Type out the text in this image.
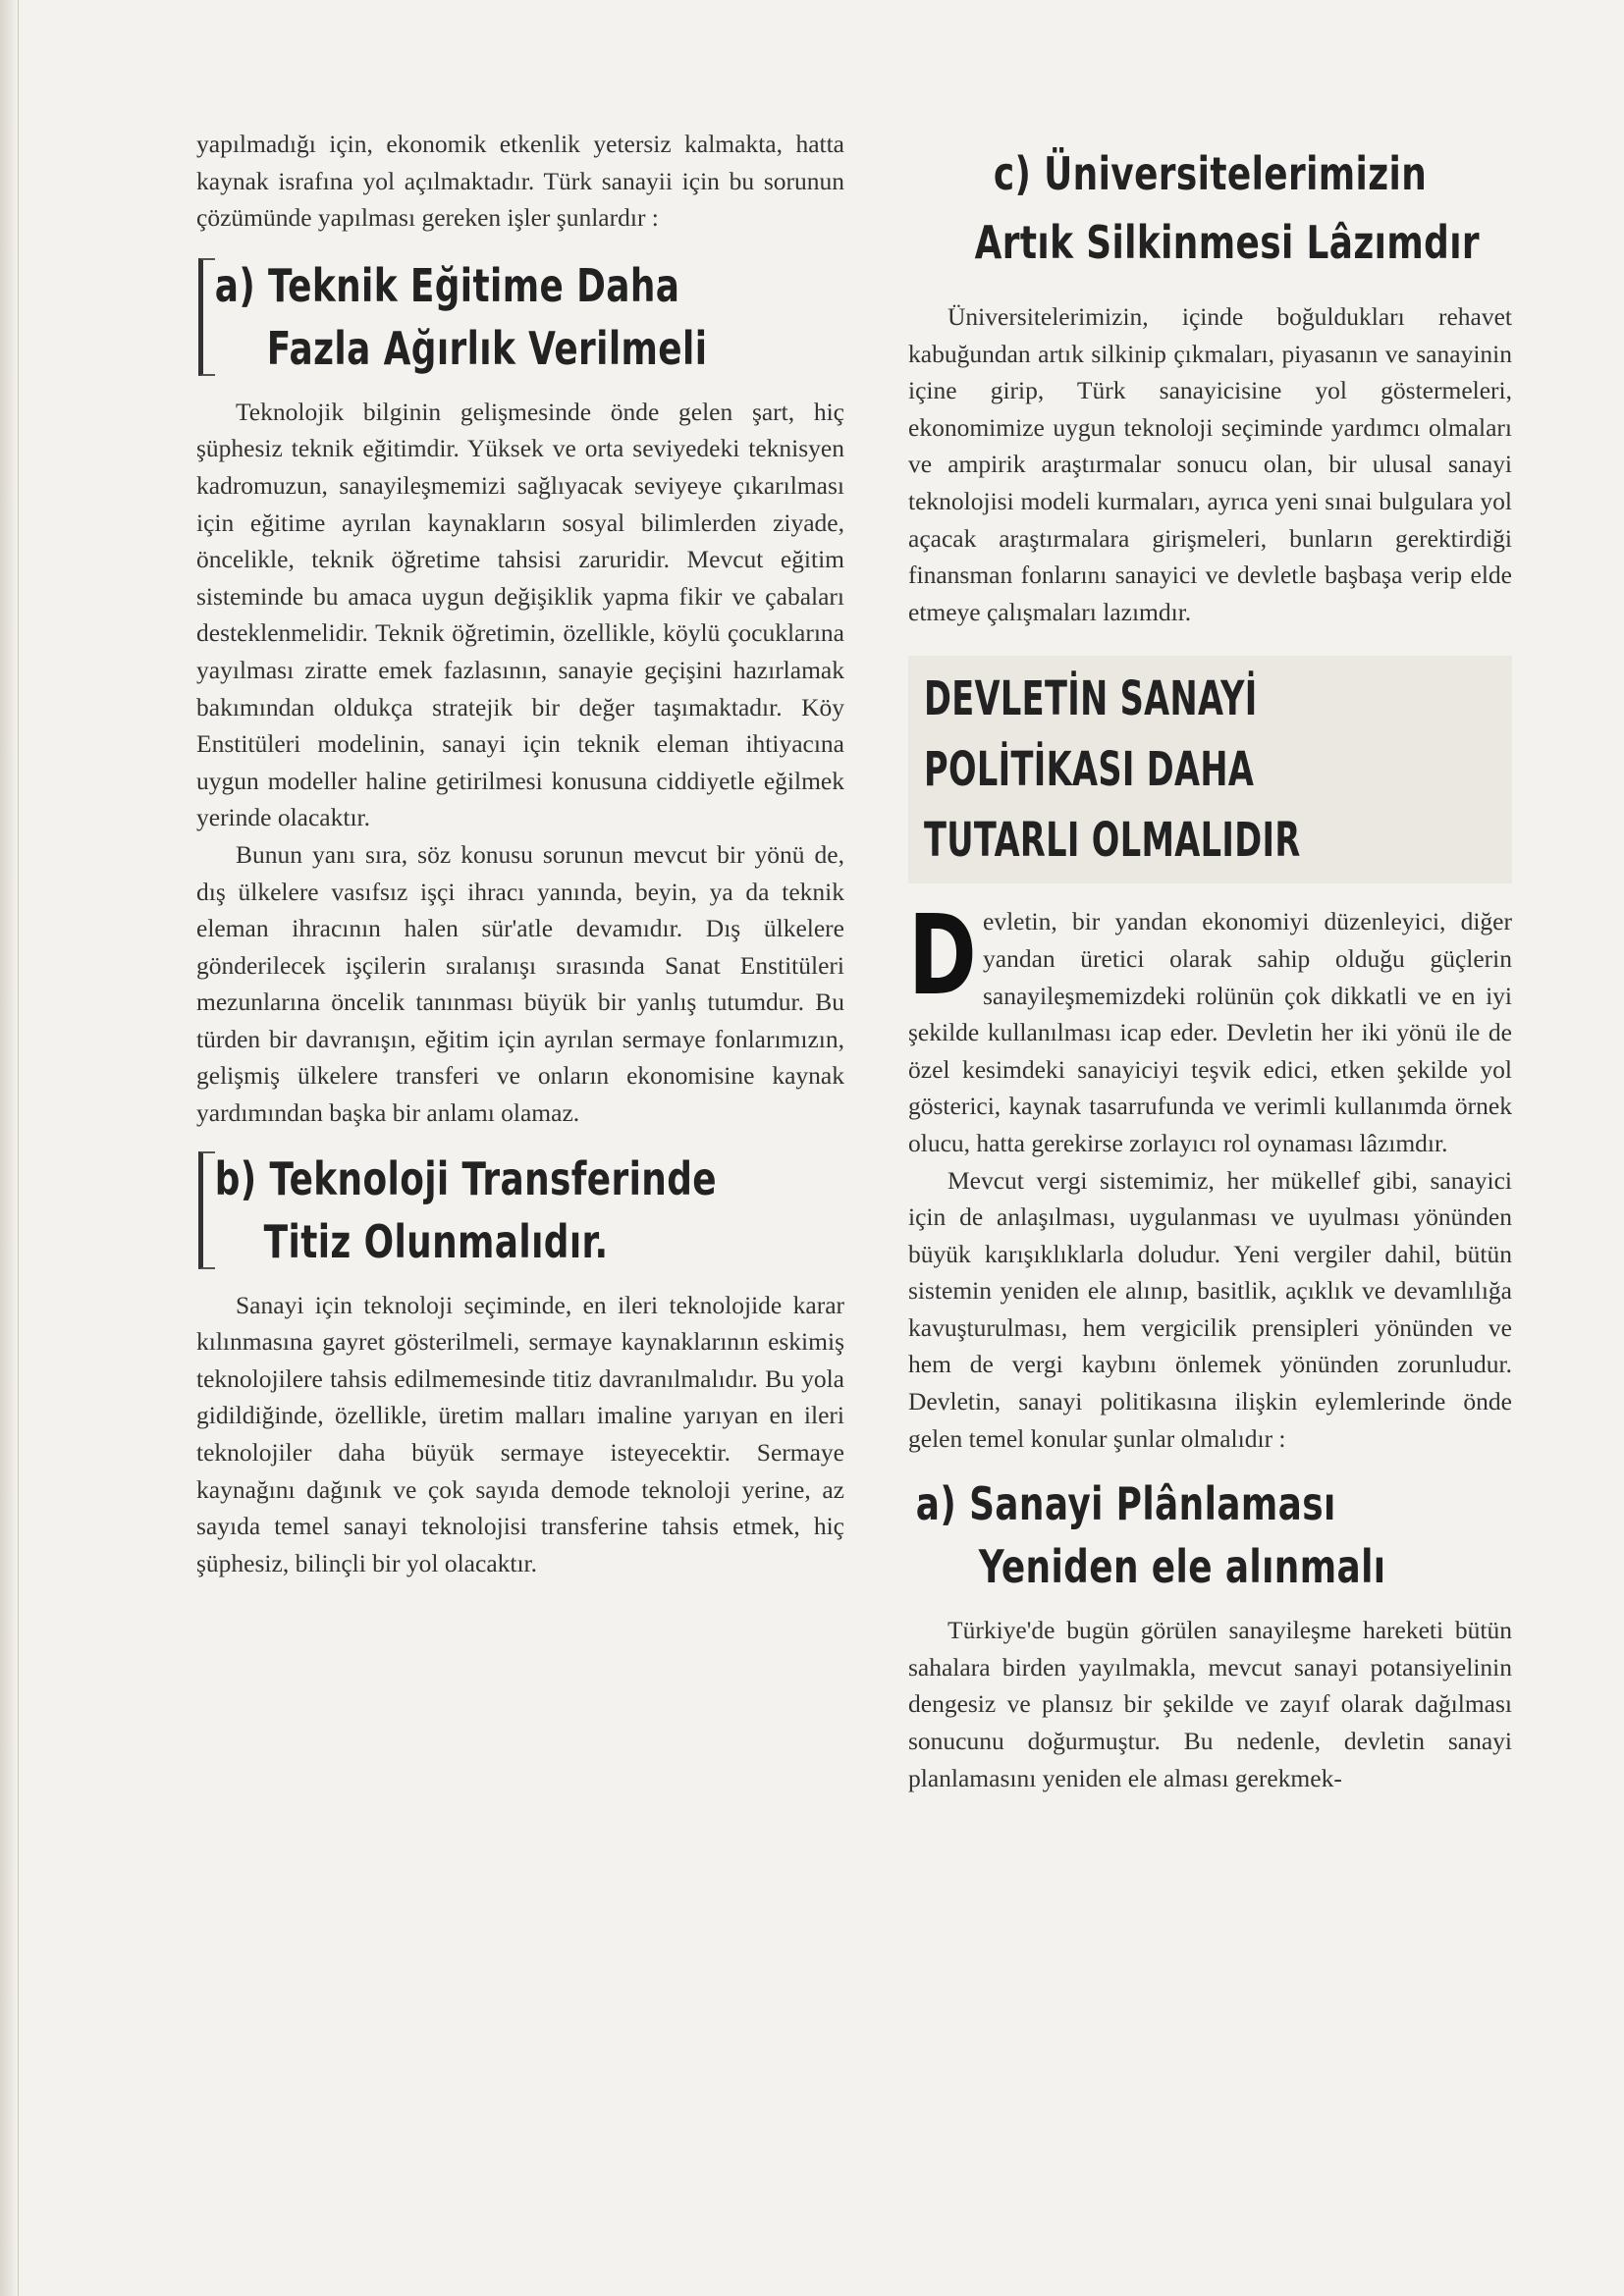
yapılmadığı için, ekonomik etkenlik yetersiz kalmakta, hatta kaynak israfına yol açılmaktadır. Türk sanayii için bu sorunun çözümünde yapılması gereken işler şunlardır :

a) Teknik Eğitime Daha
Fazla Ağırlık Verilmeli

Teknolojik bilginin gelişmesinde önde gelen şart, hiç şüphesiz teknik eğitimdir. Yüksek ve orta seviyedeki teknisyen kadromuzun, sanayileşmemizi sağlıyacak seviyeye çıkarılması için eğitime ayrılan kaynakların sosyal bilimlerden ziyade, öncelikle, teknik öğretime tahsisi zaruridir. Mevcut eğitim sisteminde bu amaca uygun değişiklik yapma fikir ve çabaları desteklenmelidir. Teknik öğretimin, özellikle, köylü çocuklarına yayılması ziratte emek fazlasının, sanayie geçişini hazırlamak bakımından oldukça stratejik bir değer taşımaktadır. Köy Enstitüleri modelinin, sanayi için teknik eleman ihtiyacına uygun modeller haline getirilmesi konusuna ciddiyetle eğilmek yerinde olacaktır.

Bunun yanı sıra, söz konusu sorunun mevcut bir yönü de, dış ülkelere vasıfsız işçi ihracı yanında, beyin, ya da teknik eleman ihracının halen sür'atle devamıdır. Dış ülkelere gönderilecek işçilerin sıralanışı sırasında Sanat Enstitüleri mezunlarına öncelik tanınması büyük bir yanlış tutumdur. Bu türden bir davranışın, eğitim için ayrılan sermaye fonlarımızın, gelişmiş ülkelere transferi ve onların ekonomisine kaynak yardımından başka bir anlamı olamaz.

b) Teknoloji Transferinde
Titiz Olunmalıdır.

Sanayi için teknoloji seçiminde, en ileri teknolojide karar kılınmasına gayret gösterilmeli, sermaye kaynaklarının eskimiş teknolojilere tahsis edilmemesinde titiz davranılmalıdır. Bu yola gidildiğinde, özellikle, üretim malları imaline yarıyan en ileri teknolojiler daha büyük sermaye isteyecektir. Sermaye kaynağını dağınık ve çok sayıda demode teknoloji yerine, az sayıda temel sanayi teknolojisi transferine tahsis etmek, hiç şüphesiz, bilinçli bir yol olacaktır.

c) Üniversitelerimizin
Artık Silkinmesi Lâzımdır

Üniversitelerimizin, içinde boğuldukları rehavet kabuğundan artık silkinip çıkmaları, piyasanın ve sanayinin içine girip, Türk sanayicisine yol göstermeleri, ekonomimize uygun teknoloji seçiminde yardımcı olmaları ve ampirik araştırmalar sonucu olan, bir ulusal sanayi teknolojisi modeli kurmaları, ayrıca yeni sınai bulgulara yol açacak araştırmalara girişmeleri, bunların gerektirdiği finansman fonlarını sanayici ve devletle başbaşa verip elde etmeye çalışmaları lazımdır.

DEVLETİN SANAYİ
POLİTİKASI DAHA
TUTARLI OLMALIDIR
D evletin, bir yandan ekonomiyi düzenleyici, diğer yandan üretici olarak sahip olduğu güçlerin sanayileşmemizdeki rolünün çok dikkatli ve en iyi şekilde kullanılması icap eder. Devletin her iki yönü ile de özel kesimdeki sanayiciyi teşvik edici, etken şekilde yol gösterici, kaynak tasarrufunda ve verimli kullanımda örnek olucu, hatta gerekirse zorlayıcı rol oynaması lâzımdır.

Mevcut vergi sistemimiz, her mükellef gibi, sanayici için de anlaşılması, uygulanması ve uyulması yönünden büyük karışıklıklarla doludur. Yeni vergiler dahil, bütün sistemin yeniden ele alınıp, basitlik, açıklık ve devamlılığa kavuşturulması, hem vergicilik prensipleri yönünden ve hem de vergi kaybını önlemek yönünden zorunludur. Devletin, sanayi politikasına ilişkin eylemlerinde önde gelen temel konular şunlar olmalıdır :

a) Sanayi Plânlaması
Yeniden ele alınmalı

Türkiye'de bugün görülen sanayileşme hareketi bütün sahalara birden yayılmakla, mevcut sanayi potansiyelinin dengesiz ve plansız bir şekilde ve zayıf olarak dağılması sonucunu doğurmuştur. Bu nedenle, devletin sanayi planlamasını yeniden ele alması gerekmek-
